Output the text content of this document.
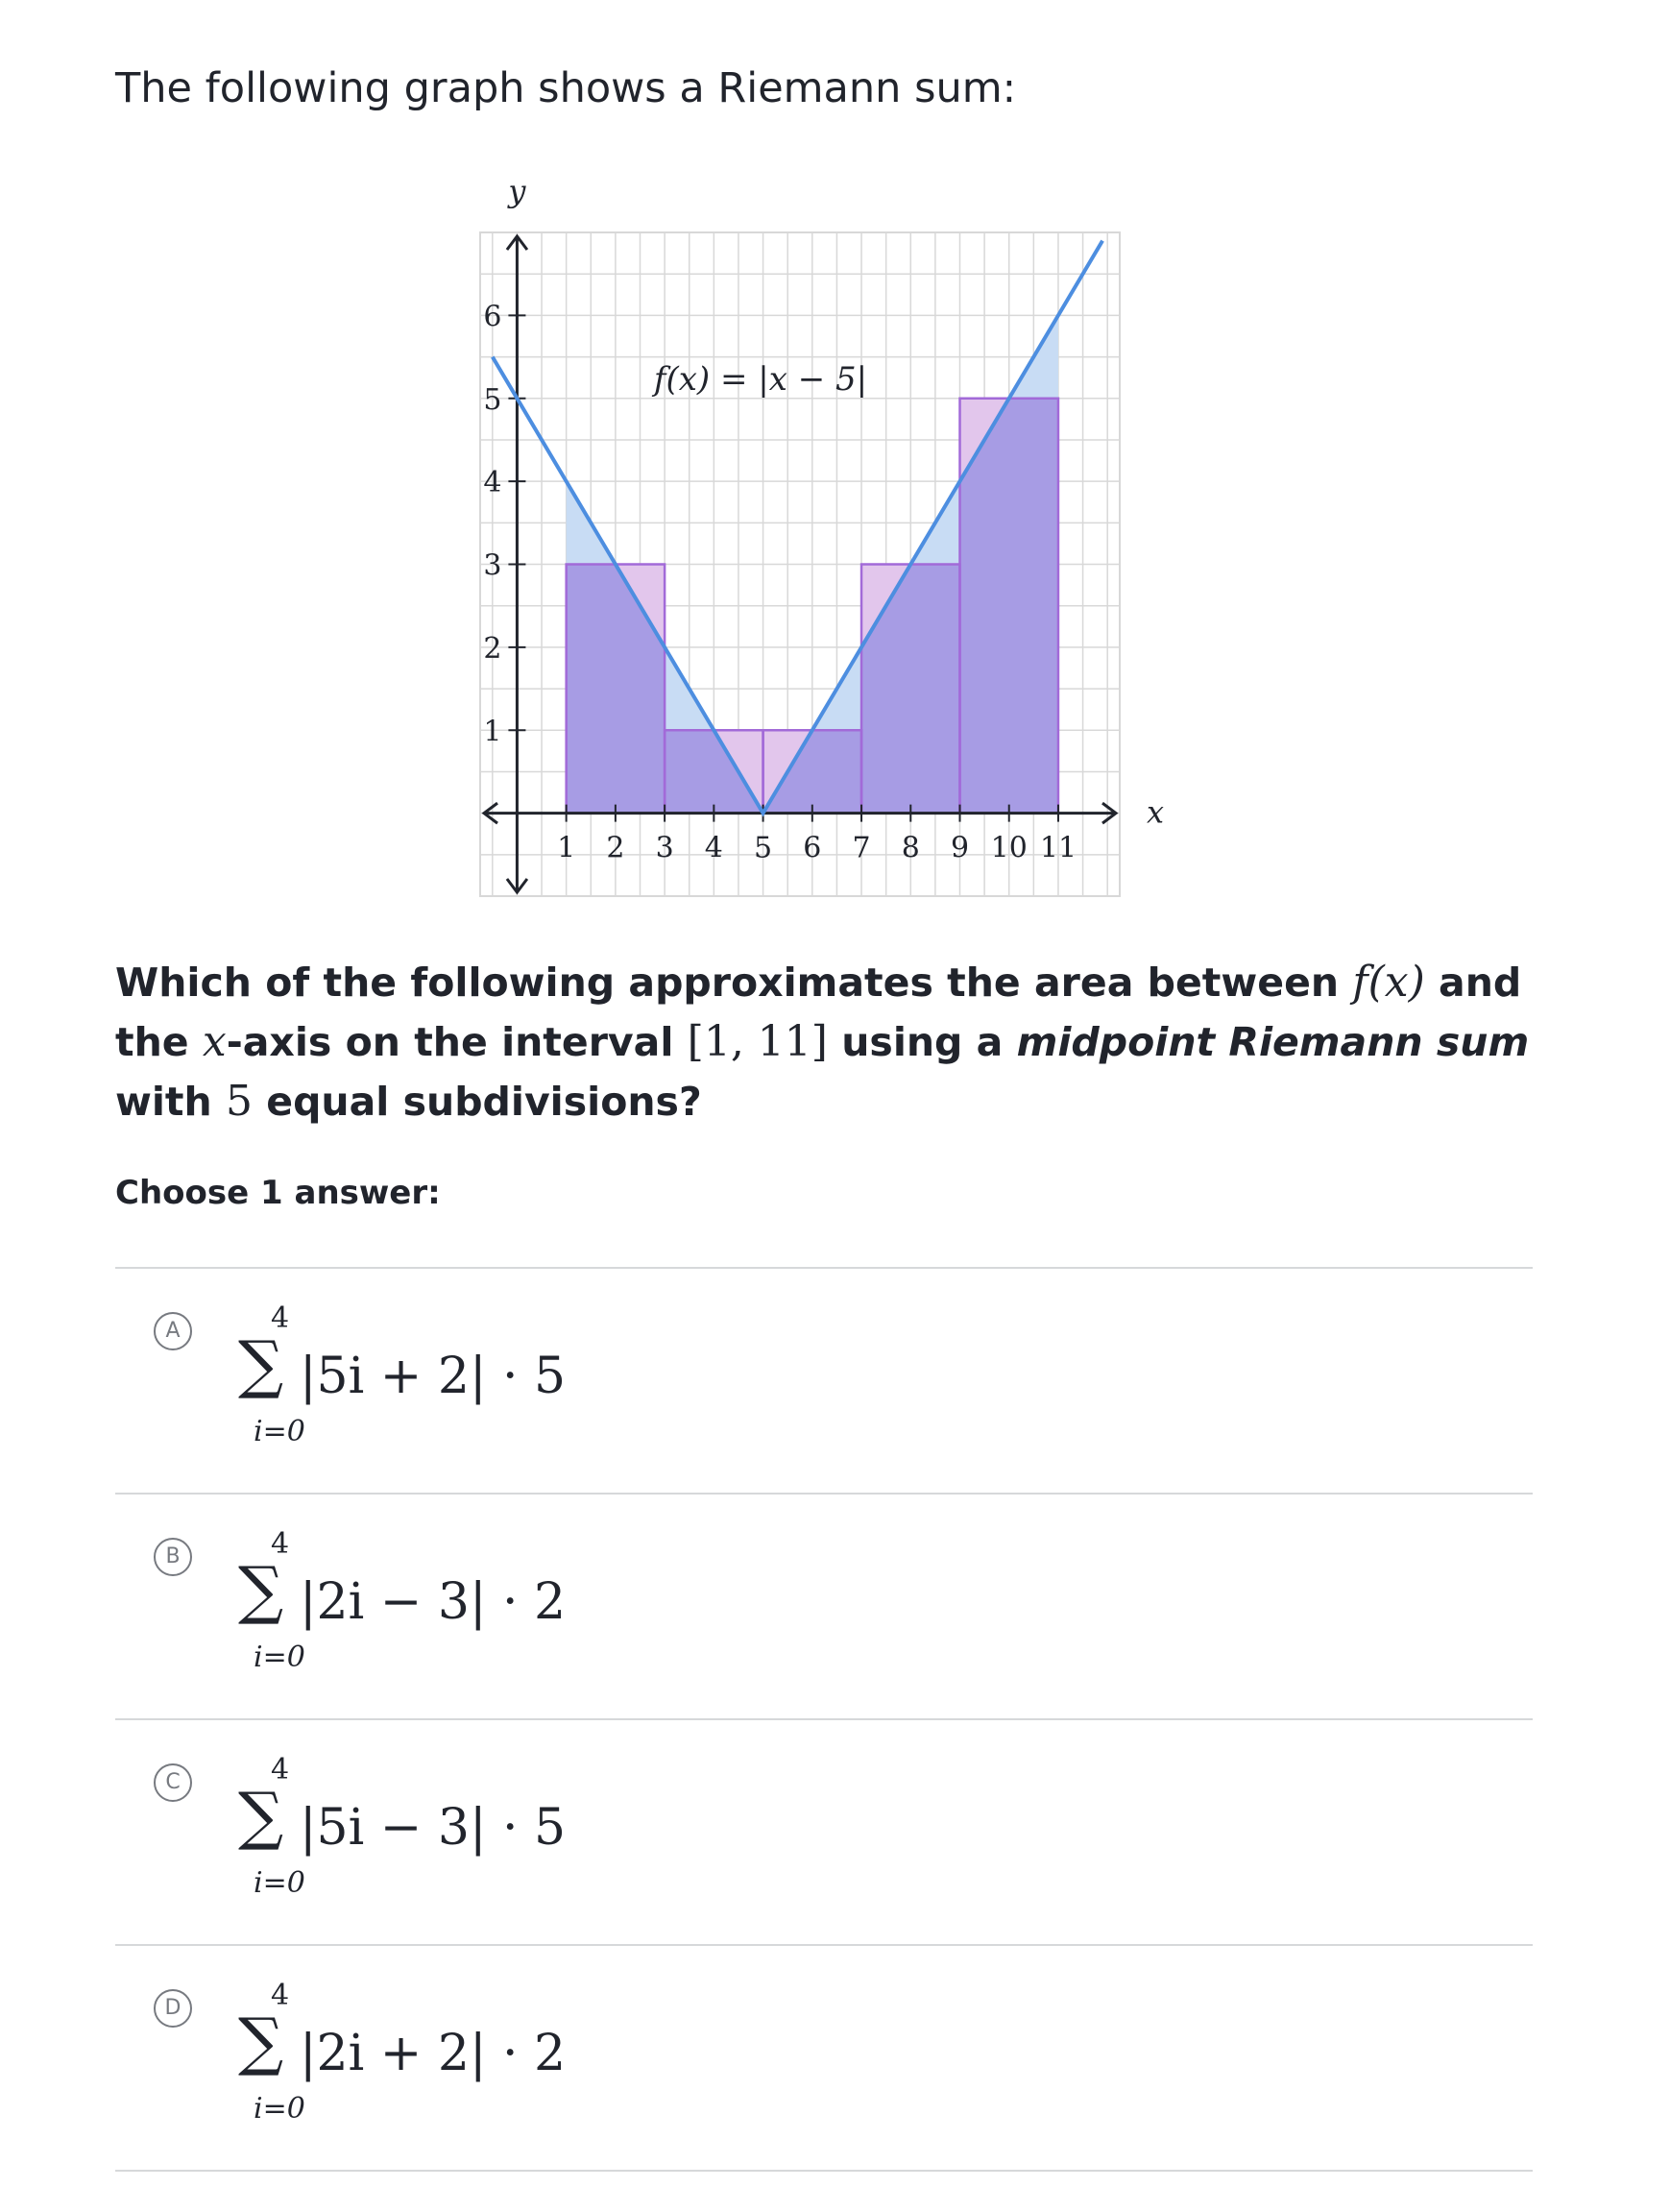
The following graph shows a Riemann sum:
1 2 3 4 5 6 7 8 9 10 11
1
2
3
4
5
6
f(x) = |x − 5|
x
y
Which of the following approximates the area between f(x) and the x-axis on the interval [1, 11] using a midpoint Riemann sum with 5 equal subdivisions?
Choose 1 answer:
A	4
∑ |5i + 2| · 5
i=0
B	4
∑ |2i − 3| · 2
i=0
C	4
∑ |5i − 3| · 5
i=0
D	4
∑ |2i + 2| · 2
i=0
